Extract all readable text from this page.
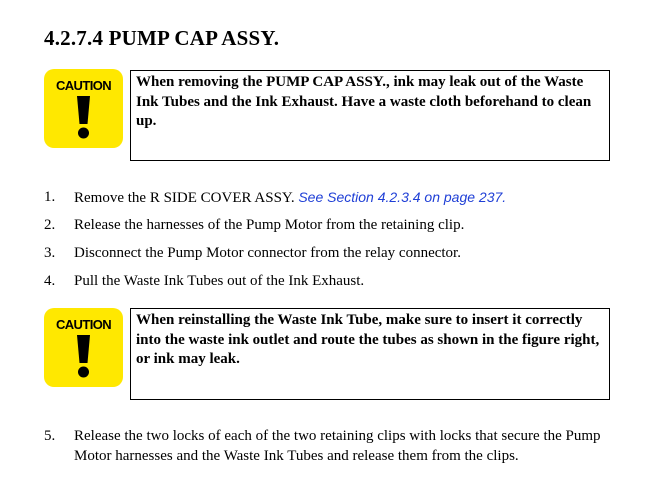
4.2.7.4 PUMP CAP ASSY.
CAUTION	When removing the PUMP CAP ASSY., ink may leak out of the Waste Ink Tubes and the Ink Exhaust. Have a waste cloth beforehand to clean up.
1. Remove the R SIDE COVER ASSY. See Section 4.2.3.4 on page 237.
2. Release the harnesses of the Pump Motor from the retaining clip.
3. Disconnect the Pump Motor connector from the relay connector.
4. Pull the Waste Ink Tubes out of the Ink Exhaust.
CAUTION	When reinstalling the Waste Ink Tube, make sure to insert it correctly into the waste ink outlet and route the tubes as shown in the figure right, or ink may leak.
5. Release the two locks of each of the two retaining clips with locks that secure the Pump Motor harnesses and the Waste Ink Tubes and release them from the clips.
